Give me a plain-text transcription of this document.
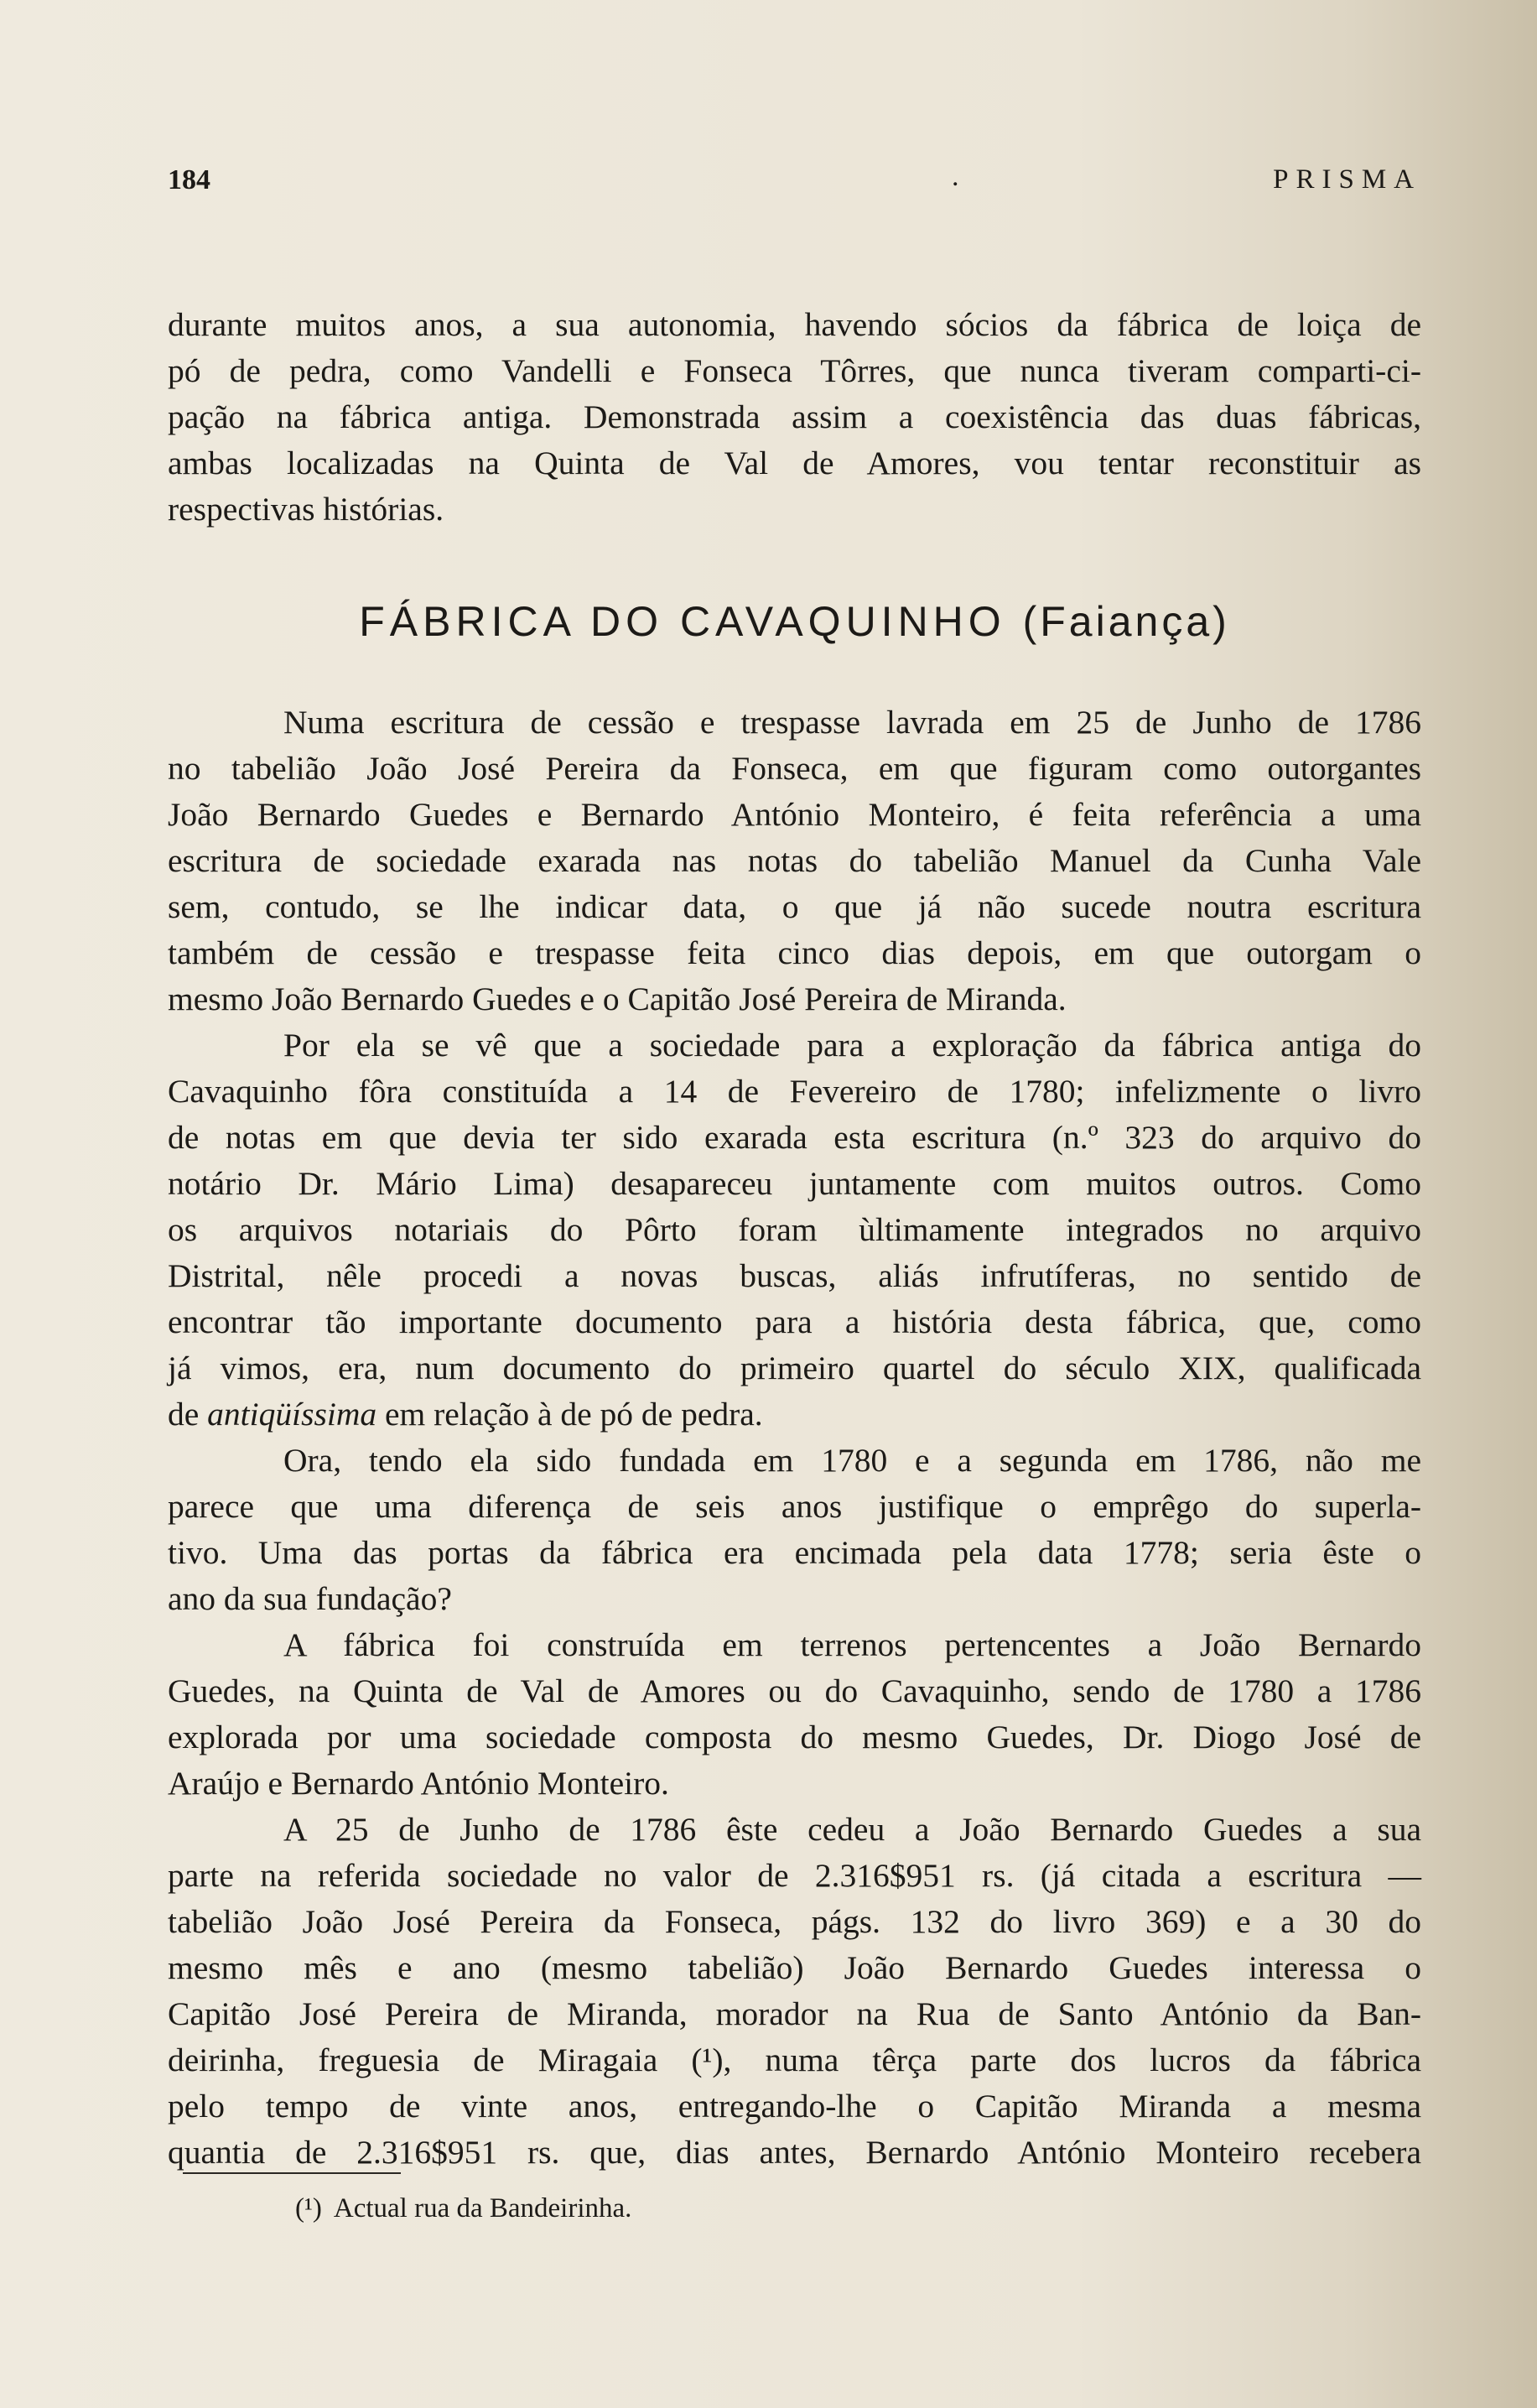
184	.	PRISMA
durante muitos anos, a sua autonomia, havendo sócios da fábrica de loiça de
pó de pedra, como Vandelli e Fonseca Tôrres, que nunca tiveram comparti-ci-
pação na fábrica antiga. Demonstrada assim a coexistência das duas fábricas,
ambas localizadas na Quinta de Val de Amores, vou tentar reconstituir as
respectivas histórias.
FÁBRICA DO CAVAQUINHO (Faiança)
Numa escritura de cessão e trespasse lavrada em 25 de Junho de 1786
no tabelião João José Pereira da Fonseca, em que figuram como outorgantes
João Bernardo Guedes e Bernardo António Monteiro, é feita referência a uma
escritura de sociedade exarada nas notas do tabelião Manuel da Cunha Vale
sem, contudo, se lhe indicar data, o que já não sucede noutra escritura
também de cessão e trespasse feita cinco dias depois, em que outorgam o
mesmo João Bernardo Guedes e o Capitão José Pereira de Miranda.
Por ela se vê que a sociedade para a exploração da fábrica antiga do
Cavaquinho fôra constituída a 14 de Fevereiro de 1780; infelizmente o livro
de notas em que devia ter sido exarada esta escritura (n.º 323 do arquivo do
notário Dr. Mário Lima) desapareceu juntamente com muitos outros. Como
os arquivos notariais do Pôrto foram ùltimamente integrados no arquivo
Distrital, nêle procedi a novas buscas, aliás infrutíferas, no sentido de
encontrar tão importante documento para a história desta fábrica, que, como
já vimos, era, num documento do primeiro quartel do século XIX, qualificada
de antiqüíssima em relação à de pó de pedra.
Ora, tendo ela sido fundada em 1780 e a segunda em 1786, não me
parece que uma diferença de seis anos justifique o emprêgo do superla-
tivo. Uma das portas da fábrica era encimada pela data 1778; seria êste o
ano da sua fundação?
A fábrica foi construída em terrenos pertencentes a João Bernardo
Guedes, na Quinta de Val de Amores ou do Cavaquinho, sendo de 1780 a 1786
explorada por uma sociedade composta do mesmo Guedes, Dr. Diogo José de
Araújo e Bernardo António Monteiro.
A 25 de Junho de 1786 êste cedeu a João Bernardo Guedes a sua
parte na referida sociedade no valor de 2.316$951 rs. (já citada a escritura —
tabelião João José Pereira da Fonseca, págs. 132 do livro 369) e a 30 do
mesmo mês e ano (mesmo tabelião) João Bernardo Guedes interessa o
Capitão José Pereira de Miranda, morador na Rua de Santo António da Ban-
deirinha, freguesia de Miragaia (¹), numa têrça parte dos lucros da fábrica
pelo tempo de vinte anos, entregando-lhe o Capitão Miranda a mesma
quantia de 2.316$951 rs. que, dias antes, Bernardo António Monteiro recebera
(¹) Actual rua da Bandeirinha.
